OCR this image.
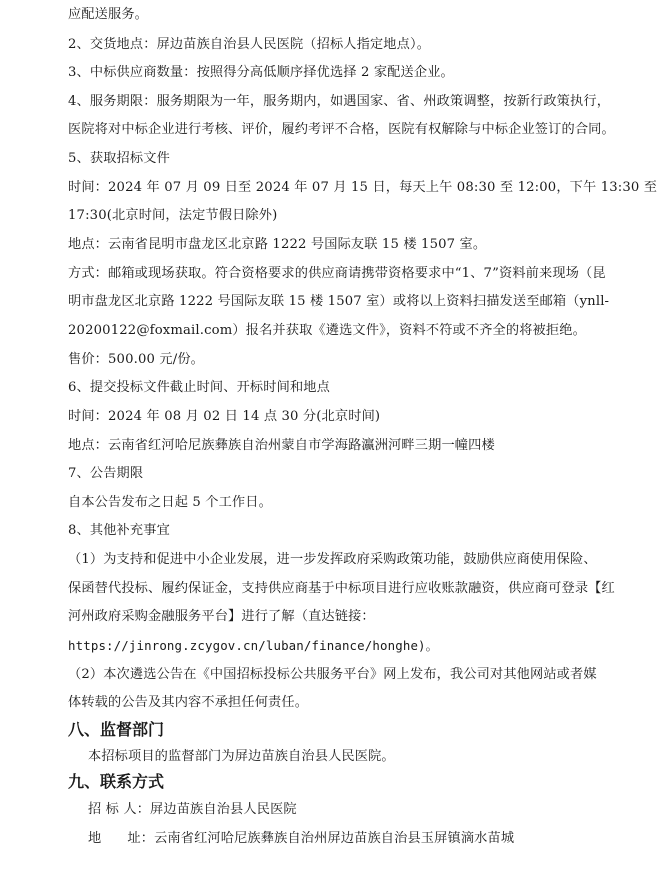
应配送服务。
2、交货地点：屏边苗族自治县人民医院（招标人指定地点）。
3、中标供应商数量：按照得分高低顺序择优选择 2 家配送企业。
4、服务期限：服务期限为一年，服务期内，如遇国家、省、州政策调整，按新行政策执行，
医院将对中标企业进行考核、评价，履约考评不合格，医院有权解除与中标企业签订的合同。
5、获取招标文件
时间：2024 年 07 月 09 日至 2024 年 07 月 15 日，每天上午 08:30 至 12:00，下午 13:30 至
17:30(北京时间，法定节假日除外)
地点：云南省昆明市盘龙区北京路 1222 号国际友联 15 楼 1507 室。
方式：邮箱或现场获取。符合资格要求的供应商请携带资格要求中“1、7”资料前来现场（昆
明市盘龙区北京路 1222 号国际友联 15 楼 1507 室）或将以上资料扫描发送至邮箱（ynll-
20200122@foxmail.com）报名并获取《遴选文件》，资料不符或不齐全的将被拒绝。
售价：500.00 元/份。
6、提交投标文件截止时间、开标时间和地点
时间：2024 年 08 月 02 日 14 点 30 分(北京时间)
地点：云南省红河哈尼族彝族自治州蒙自市学海路瀛洲河畔三期一幢四楼
7、公告期限
自本公告发布之日起 5 个工作日。
8、其他补充事宜
（1）为支持和促进中小企业发展，进一步发挥政府采购政策功能，鼓励供应商使用保险、
保函替代投标、履约保证金，支持供应商基于中标项目进行应收账款融资，供应商可登录【红
河州政府采购金融服务平台】进行了解（直达链接：
https://jinrong.zcygov.cn/luban/finance/honghe)。
（2）本次遴选公告在《中国招标投标公共服务平台》网上发布，我公司对其他网站或者媒
体转载的公告及其内容不承担任何责任。
八、监督部门
本招标项目的监督部门为屏边苗族自治县人民医院。
九、联系方式
招 标 人：屏边苗族自治县人民医院
地      址：云南省红河哈尼族彝族自治州屏边苗族自治县玉屏镇滴水苗城
